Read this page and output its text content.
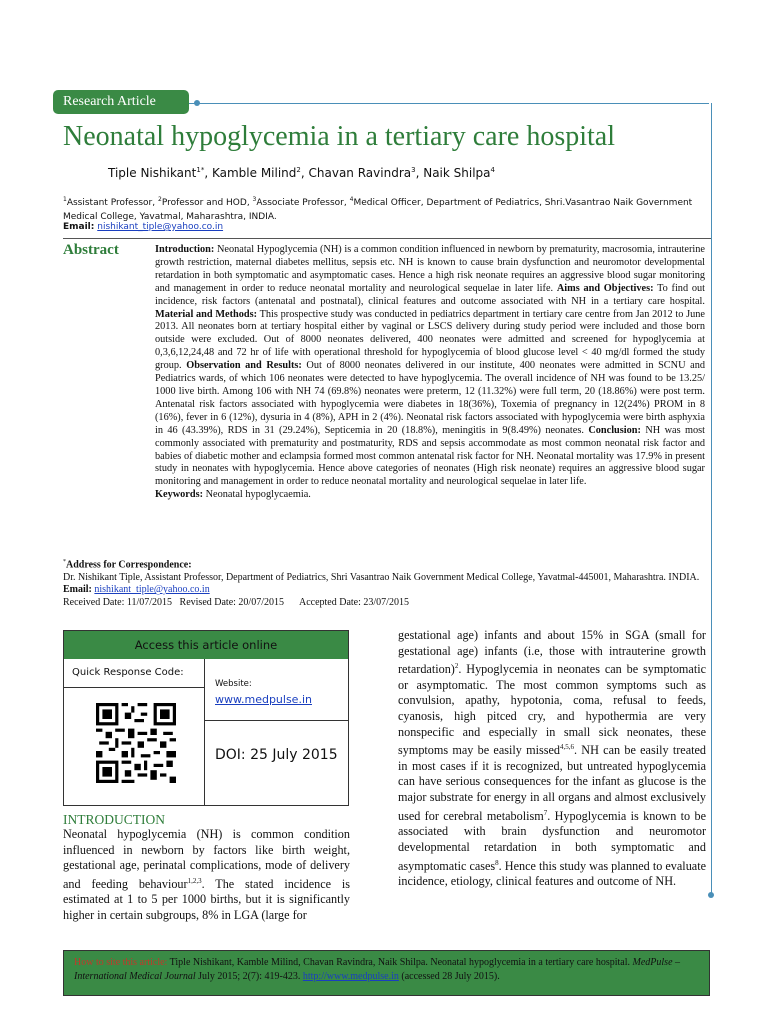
Research Article
Neonatal hypoglycemia in a tertiary care hospital
Tiple Nishikant$^{1*}$, Kamble Milind$^2$, Chavan Ravindra$^3$, Naik Shilpa$^4$
$^1$Assistant Professor, $^2$Professor and HOD, $^3$Associate Professor, $^4$Medical Officer, Department of Pediatrics, Shri.Vasantrao Naik Government Medical College, Yavatmal, Maharashtra, INDIA.
Email: nishikant_tiple@yahoo.co.in
Abstract	Introduction: Neonatal Hypoglycemia (NH) is a common condition influenced in newborn by prematurity, macrosomia, intrauterine growth restriction, maternal diabetes mellitus, sepsis etc. NH is known to cause brain dysfunction and neuromotor developmental retardation in both symptomatic and asymptomatic cases. Hence a high risk neonate requires an aggressive blood sugar monitoring and management in order to reduce neonatal mortality and neurological sequelae in later life. Aims and Objectives: To find out incidence, risk factors (antenatal and postnatal), clinical features and outcome associated with NH in a tertiary care hospital. Material and Methods: This prospective study was conducted in pediatrics department in tertiary care centre from Jan 2012 to June 2013. All neonates born at tertiary hospital either by vaginal or LSCS delivery during study period were included and those born outside were excluded. Out of 8000 neonates delivered, 400 neonates were admitted and screened for hypoglycemia at 0,3,6,12,24,48 and 72 hr of life with operational threshold for hypoglycemia of blood glucose level < 40 mg/dl formed the study group. Observation and Results: Out of 8000 neonates delivered in our institute, 400 neonates were admitted in SCNU and Pediatrics wards, of which 106 neonates were detected to have hypoglycemia. The overall incidence of NH was found to be 13.25/ 1000 live birth. Among 106 with NH 74 (69.8%) neonates were preterm, 12 (11.32%) were full term, 20 (18.86%) were post term. Antenatal risk factors associated with hypoglycemia were diabetes in 18(36%), Toxemia of pregnancy in 12(24%) PROM in 8 (16%), fever in 6 (12%), dysuria in 4 (8%), APH in 2 (4%). Neonatal risk factors associated with hypoglycemia were birth asphyxia in 46 (43.39%), RDS in 31 (29.24%), Septicemia in 20 (18.8%), meningitis in 9(8.49%) neonates. Conclusion: NH was most commonly associated with prematurity and postmaturity, RDS and sepsis accommodate as most common neonatal risk factor and babies of diabetic mother and eclampsia formed most common antenatal risk factor for NH. Neonatal mortality was 17.9% in present study in neonates with hypoglycemia. Hence above categories of neonates (High risk neonate) requires an aggressive blood sugar monitoring and management in order to reduce neonatal mortality and neurological sequelae in later life.
Keywords: Neonatal hypoglycaemia.

*Address for Correspondence:
Dr. Nishikant Tiple, Assistant Professor, Department of Pediatrics, Shri Vasantrao Naik Government Medical College, Yavatmal-445001, Maharashtra. INDIA.
Email: nishikant_tiple@yahoo.co.in
Received Date: 11/07/2015 Revised Date: 20/07/2015 Accepted Date: 23/07/2015
Access this article online
Quick Response Code:
Website:
www.medpulse.in
DOI: 25 July 2015
INTRODUCTION

Neonatal hypoglycemia (NH) is common condition influenced in newborn by factors like birth weight, gestational age, perinatal complications, mode of delivery and feeding behaviour$^{1,2,3}$. The stated incidence is estimated at 1 to 5 per 1000 births, but it is significantly higher in certain subgroups, 8% in LGA (large for

gestational age) infants and about 15% in SGA (small for gestational age) infants (i.e, those with intrauterine growth retardation)$^2$. Hypoglycemia in neonates can be symptomatic or asymptomatic. The most common symptoms such as convulsion, apathy, hypotonia, coma, refusal to feeds, cyanosis, high pitced cry, and hypothermia are very nonspecific and especially in small sick neonates, these symptoms may be easily missed$^{4,5,6}$. NH can be easily treated in most cases if it is recognized, but untreated hypoglycemia can have serious consequences for the infant as glucose is the major substrate for energy in all organs and almost exclusively used for cerebral metabolism$^7$. Hypoglycemia is known to be associated with brain dysfunction and neuromotor developmental retardation in both symptomatic and asymptomatic cases$^8$. Hence this study was planned to evaluate incidence, etiology, clinical features and outcome of NH.

How to site this article: Tiple Nishikant, Kamble Milind, Chavan Ravindra, Naik Shilpa. Neonatal hypoglycemia in a tertiary care hospital. MedPulse – International Medical Journal July 2015; 2(7): 419-423. http://www.medpulse.in (accessed 28 July 2015).
